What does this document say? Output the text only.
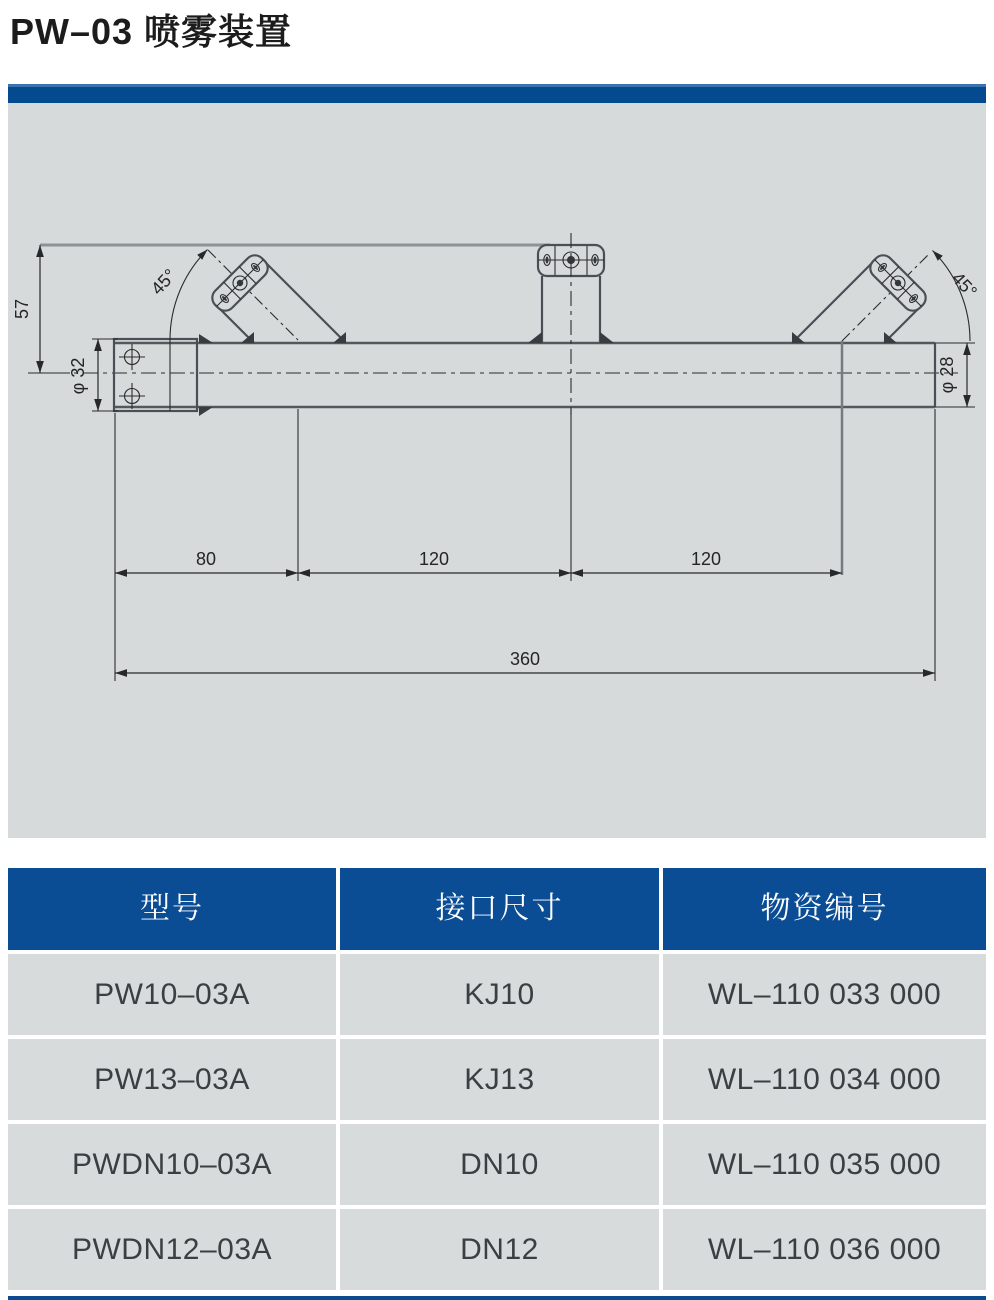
PW–03 喷雾装置
57
φ 32
45°	45°
φ 28
80	120	120
360
型号	接口尺寸	物资编号
PW10–03A	KJ10	WL–110 033 000
PW13–03A	KJ13	WL–110 034 000
PWDN10–03A	DN10	WL–110 035 000
PWDN12–03A	DN12	WL–110 036 000
